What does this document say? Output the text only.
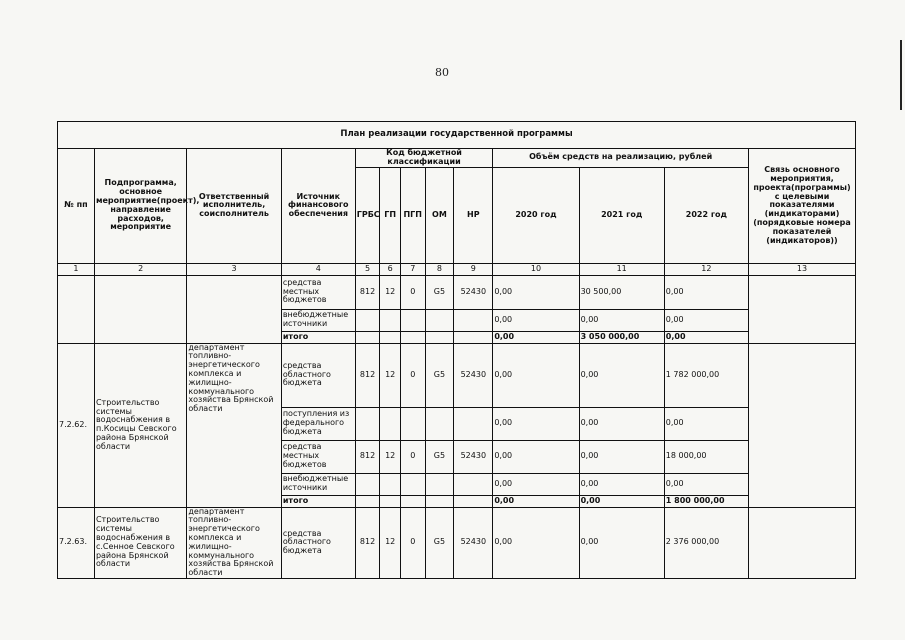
80
План реализации государственной программы												
№ пп	Подпрограмма, основное мероприятие(проект), направление расходов, мероприятие	Ответственный исполнитель, соисполнитель	Источник финансового обеспечения	Код бюджетной классификации					Объём средств на реализацию, рублей			Связь основного мероприятия, проекта(программы) с целевыми показателями (индикаторами) (порядковые номера показателей (индикаторов))
				ГРБС	ГП	ПГП	ОМ	НР	2020 год	2021 год	2022 год	
1	2	3	4	5	6	7	8	9	10	11	12	13
			средства местных бюджетов	812	12	0	G5	52430	0,00	30 500,00	0,00	
			внебюджетные источники						0,00	0,00	0,00	
			итого						0,00	3 050 000,00	0,00	
7.2.62.	Строительство системы водоснабжения в п.Косицы Севского района Брянской области	департамент топливно-энергетического комплекса и жилищно-коммунального хозяйства Брянской области	средства областного бюджета	812	12	0	G5	52430	0,00	0,00	1 782 000,00	
			поступления из федерального бюджета						0,00	0,00	0,00	
			средства местных бюджетов	812	12	0	G5	52430	0,00	0,00	18 000,00	
			внебюджетные источники						0,00	0,00	0,00	
			итого						0,00	0,00	1 800 000,00	
7.2.63.	Строительство системы водоснабжения в с.Сенное Севского района Брянской области	департамент топливно-энергетического комплекса и жилищно-коммунального хозяйства Брянской области	средства областного бюджета	812	12	0	G5	52430	0,00	0,00	2 376 000,00	
